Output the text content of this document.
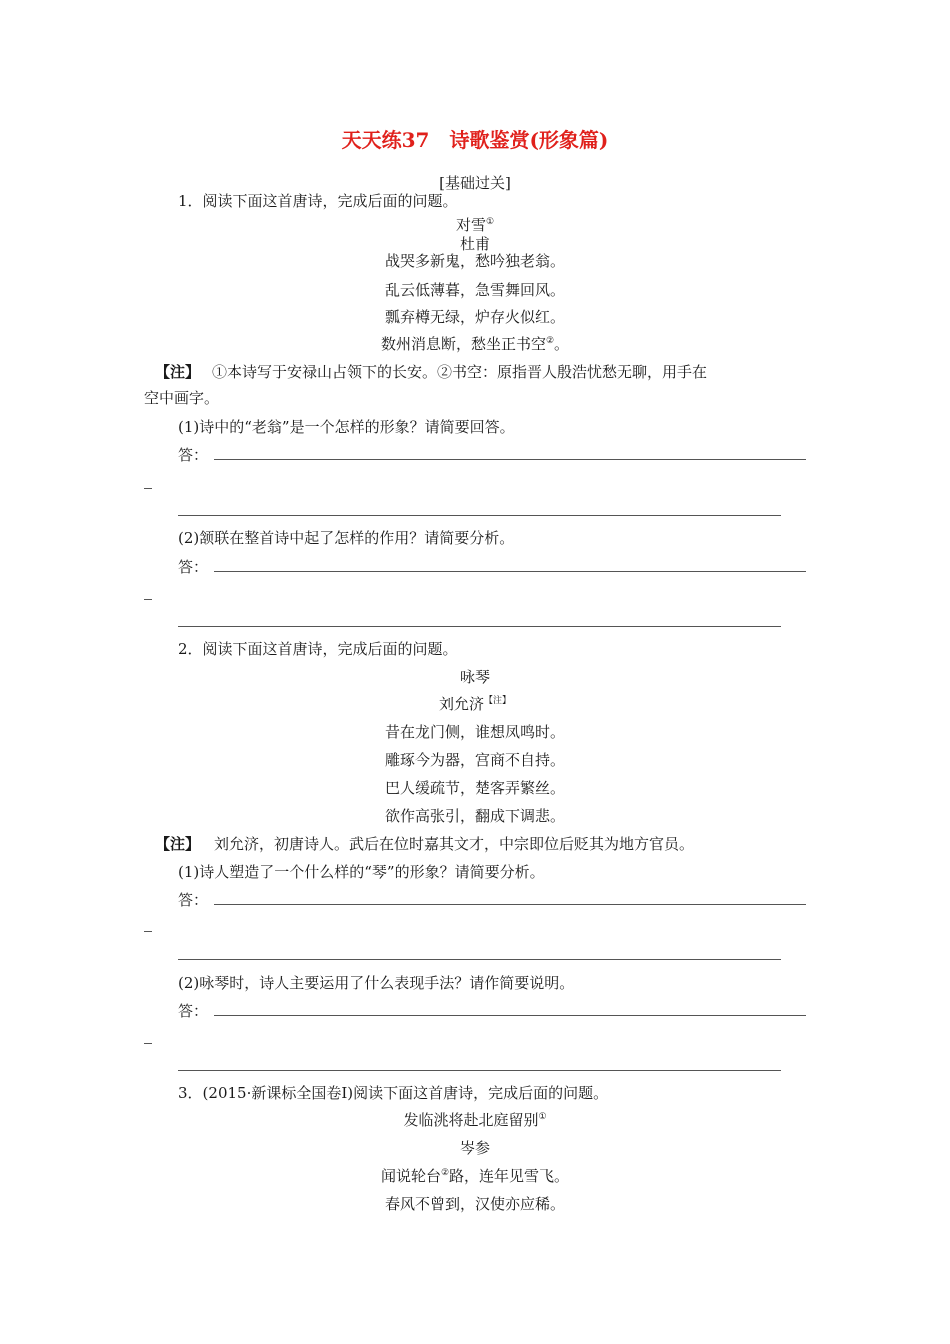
天天练37　诗歌鉴赏(形象篇)
[基础过关]
1．阅读下面这首唐诗，完成后面的问题。
对雪①
杜甫
战哭多新鬼，愁吟独老翁。
乱云低薄暮，急雪舞回风。
瓢弃樽无绿，炉存火似红。
数州消息断，愁坐正书空②。
【注】 ①本诗写于安禄山占领下的长安。②书空：原指晋人殷浩忧愁无聊，用手在
空中画字。
(1)诗中的“老翁”是一个怎样的形象？请简要回答。
答：
(2)颔联在整首诗中起了怎样的作用？请简要分析。
答：
2．阅读下面这首唐诗，完成后面的问题。
咏琴
刘允济$^{【注】}$
昔在龙门侧，谁想凤鸣时。
雕琢今为器，宫商不自持。
巴人缓疏节，楚客弄繁丝。
欲作高张引，翻成下调悲。
【注】 刘允济，初唐诗人。武后在位时嘉其文才，中宗即位后贬其为地方官员。
(1)诗人塑造了一个什么样的“琴”的形象？请简要分析。
答：
(2)咏琴时，诗人主要运用了什么表现手法？请作简要说明。
答：
3．(2015·新课标全国卷Ⅰ)阅读下面这首唐诗，完成后面的问题。
发临洮将赴北庭留别①
岑参
闻说轮台②路，连年见雪飞。
春风不曾到，汉使亦应稀。
